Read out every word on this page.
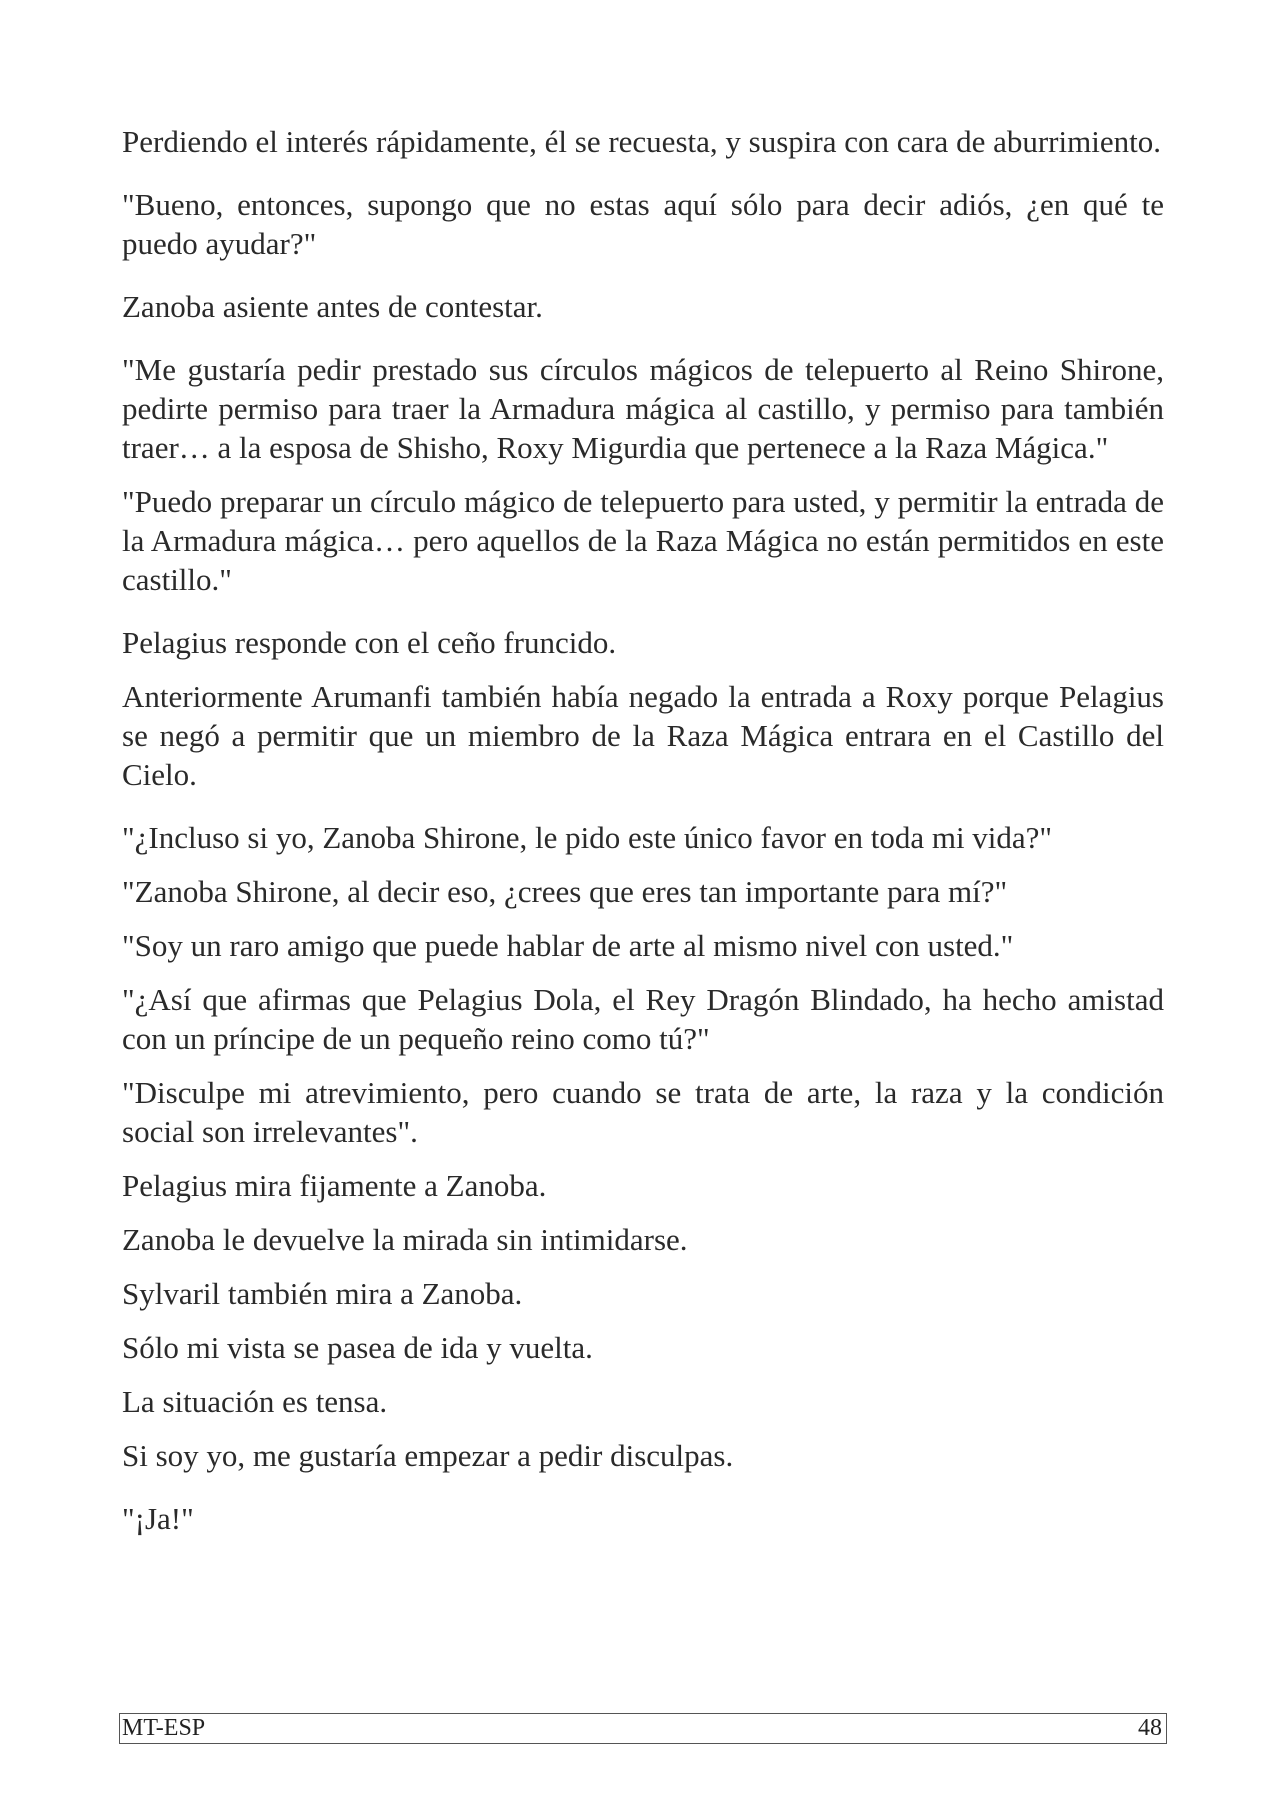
Perdiendo el interés rápidamente, él se recuesta, y suspira con cara de aburrimiento.

"Bueno, entonces, supongo que no estas aquí sólo para decir adiós, ¿en qué te puedo ayudar?"

Zanoba asiente antes de contestar.

"Me gustaría pedir prestado sus círculos mágicos de telepuerto al Reino Shirone, pedirte permiso para traer la Armadura mágica al castillo, y permiso para también traer… a la esposa de Shisho, Roxy Migurdia que pertenece a la Raza Mágica."

"Puedo preparar un círculo mágico de telepuerto para usted, y permitir la entrada de la Armadura mágica… pero aquellos de la Raza Mágica no están permitidos en este castillo."

Pelagius responde con el ceño fruncido.

Anteriormente Arumanfi también había negado la entrada a Roxy porque Pelagius se negó a permitir que un miembro de la Raza Mágica entrara en el Castillo del Cielo.

"¿Incluso si yo, Zanoba Shirone, le pido este único favor en toda mi vida?"

"Zanoba Shirone, al decir eso, ¿crees que eres tan importante para mí?"

"Soy un raro amigo que puede hablar de arte al mismo nivel con usted."

"¿Así que afirmas que Pelagius Dola, el Rey Dragón Blindado, ha hecho amistad con un príncipe de un pequeño reino como tú?"

"Disculpe mi atrevimiento, pero cuando se trata de arte, la raza y la condición social son irrelevantes".

Pelagius mira fijamente a Zanoba.

Zanoba le devuelve la mirada sin intimidarse.

Sylvaril también mira a Zanoba.

Sólo mi vista se pasea de ida y vuelta.

La situación es tensa.

Si soy yo, me gustaría empezar a pedir disculpas.

"¡Ja!"

MT-ESP	48
